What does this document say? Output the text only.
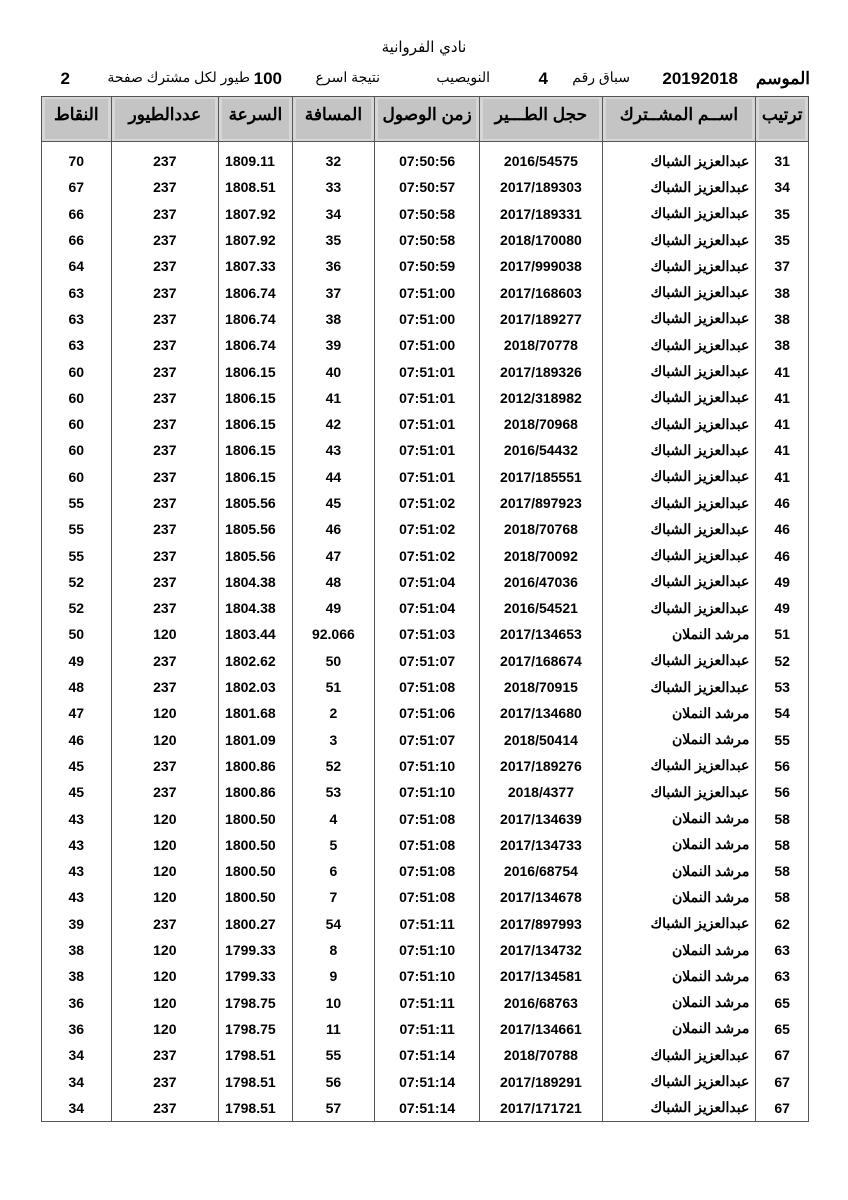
نادي الفروانية
الموسم
20192018
سباق رقم
4
النويصيب
نتيجة اسرع
100
طيور لكل مشترك صفحة
2
ترتيب	اســم المشــترك	حجل الطـــير	زمن الوصول	المسافة	السرعة	عددالطيور	النقاط

31	عبدالعزيز الشباك	2016/54575	07:50:56	32	1809.11	237	70
34	عبدالعزيز الشباك	2017/189303	07:50:57	33	1808.51	237	67
35	عبدالعزيز الشباك	2017/189331	07:50:58	34	1807.92	237	66
35	عبدالعزيز الشباك	2018/170080	07:50:58	35	1807.92	237	66
37	عبدالعزيز الشباك	2017/999038	07:50:59	36	1807.33	237	64
38	عبدالعزيز الشباك	2017/168603	07:51:00	37	1806.74	237	63
38	عبدالعزيز الشباك	2017/189277	07:51:00	38	1806.74	237	63
38	عبدالعزيز الشباك	2018/70778	07:51:00	39	1806.74	237	63
41	عبدالعزيز الشباك	2017/189326	07:51:01	40	1806.15	237	60
41	عبدالعزيز الشباك	2012/318982	07:51:01	41	1806.15	237	60
41	عبدالعزيز الشباك	2018/70968	07:51:01	42	1806.15	237	60
41	عبدالعزيز الشباك	2016/54432	07:51:01	43	1806.15	237	60
41	عبدالعزيز الشباك	2017/185551	07:51:01	44	1806.15	237	60
46	عبدالعزيز الشباك	2017/897923	07:51:02	45	1805.56	237	55
46	عبدالعزيز الشباك	2018/70768	07:51:02	46	1805.56	237	55
46	عبدالعزيز الشباك	2018/70092	07:51:02	47	1805.56	237	55
49	عبدالعزيز الشباك	2016/47036	07:51:04	48	1804.38	237	52
49	عبدالعزيز الشباك	2016/54521	07:51:04	49	1804.38	237	52
51	مرشد النملان	2017/134653	07:51:03	92.066	1803.44	120	50
52	عبدالعزيز الشباك	2017/168674	07:51:07	50	1802.62	237	49
53	عبدالعزيز الشباك	2018/70915	07:51:08	51	1802.03	237	48
54	مرشد النملان	2017/134680	07:51:06	2	1801.68	120	47
55	مرشد النملان	2018/50414	07:51:07	3	1801.09	120	46
56	عبدالعزيز الشباك	2017/189276	07:51:10	52	1800.86	237	45
56	عبدالعزيز الشباك	2018/4377	07:51:10	53	1800.86	237	45
58	مرشد النملان	2017/134639	07:51:08	4	1800.50	120	43
58	مرشد النملان	2017/134733	07:51:08	5	1800.50	120	43
58	مرشد النملان	2016/68754	07:51:08	6	1800.50	120	43
58	مرشد النملان	2017/134678	07:51:08	7	1800.50	120	43
62	عبدالعزيز الشباك	2017/897993	07:51:11	54	1800.27	237	39
63	مرشد النملان	2017/134732	07:51:10	8	1799.33	120	38
63	مرشد النملان	2017/134581	07:51:10	9	1799.33	120	38
65	مرشد النملان	2016/68763	07:51:11	10	1798.75	120	36
65	مرشد النملان	2017/134661	07:51:11	11	1798.75	120	36
67	عبدالعزيز الشباك	2018/70788	07:51:14	55	1798.51	237	34
67	عبدالعزيز الشباك	2017/189291	07:51:14	56	1798.51	237	34
67	عبدالعزيز الشباك	2017/171721	07:51:14	57	1798.51	237	34
